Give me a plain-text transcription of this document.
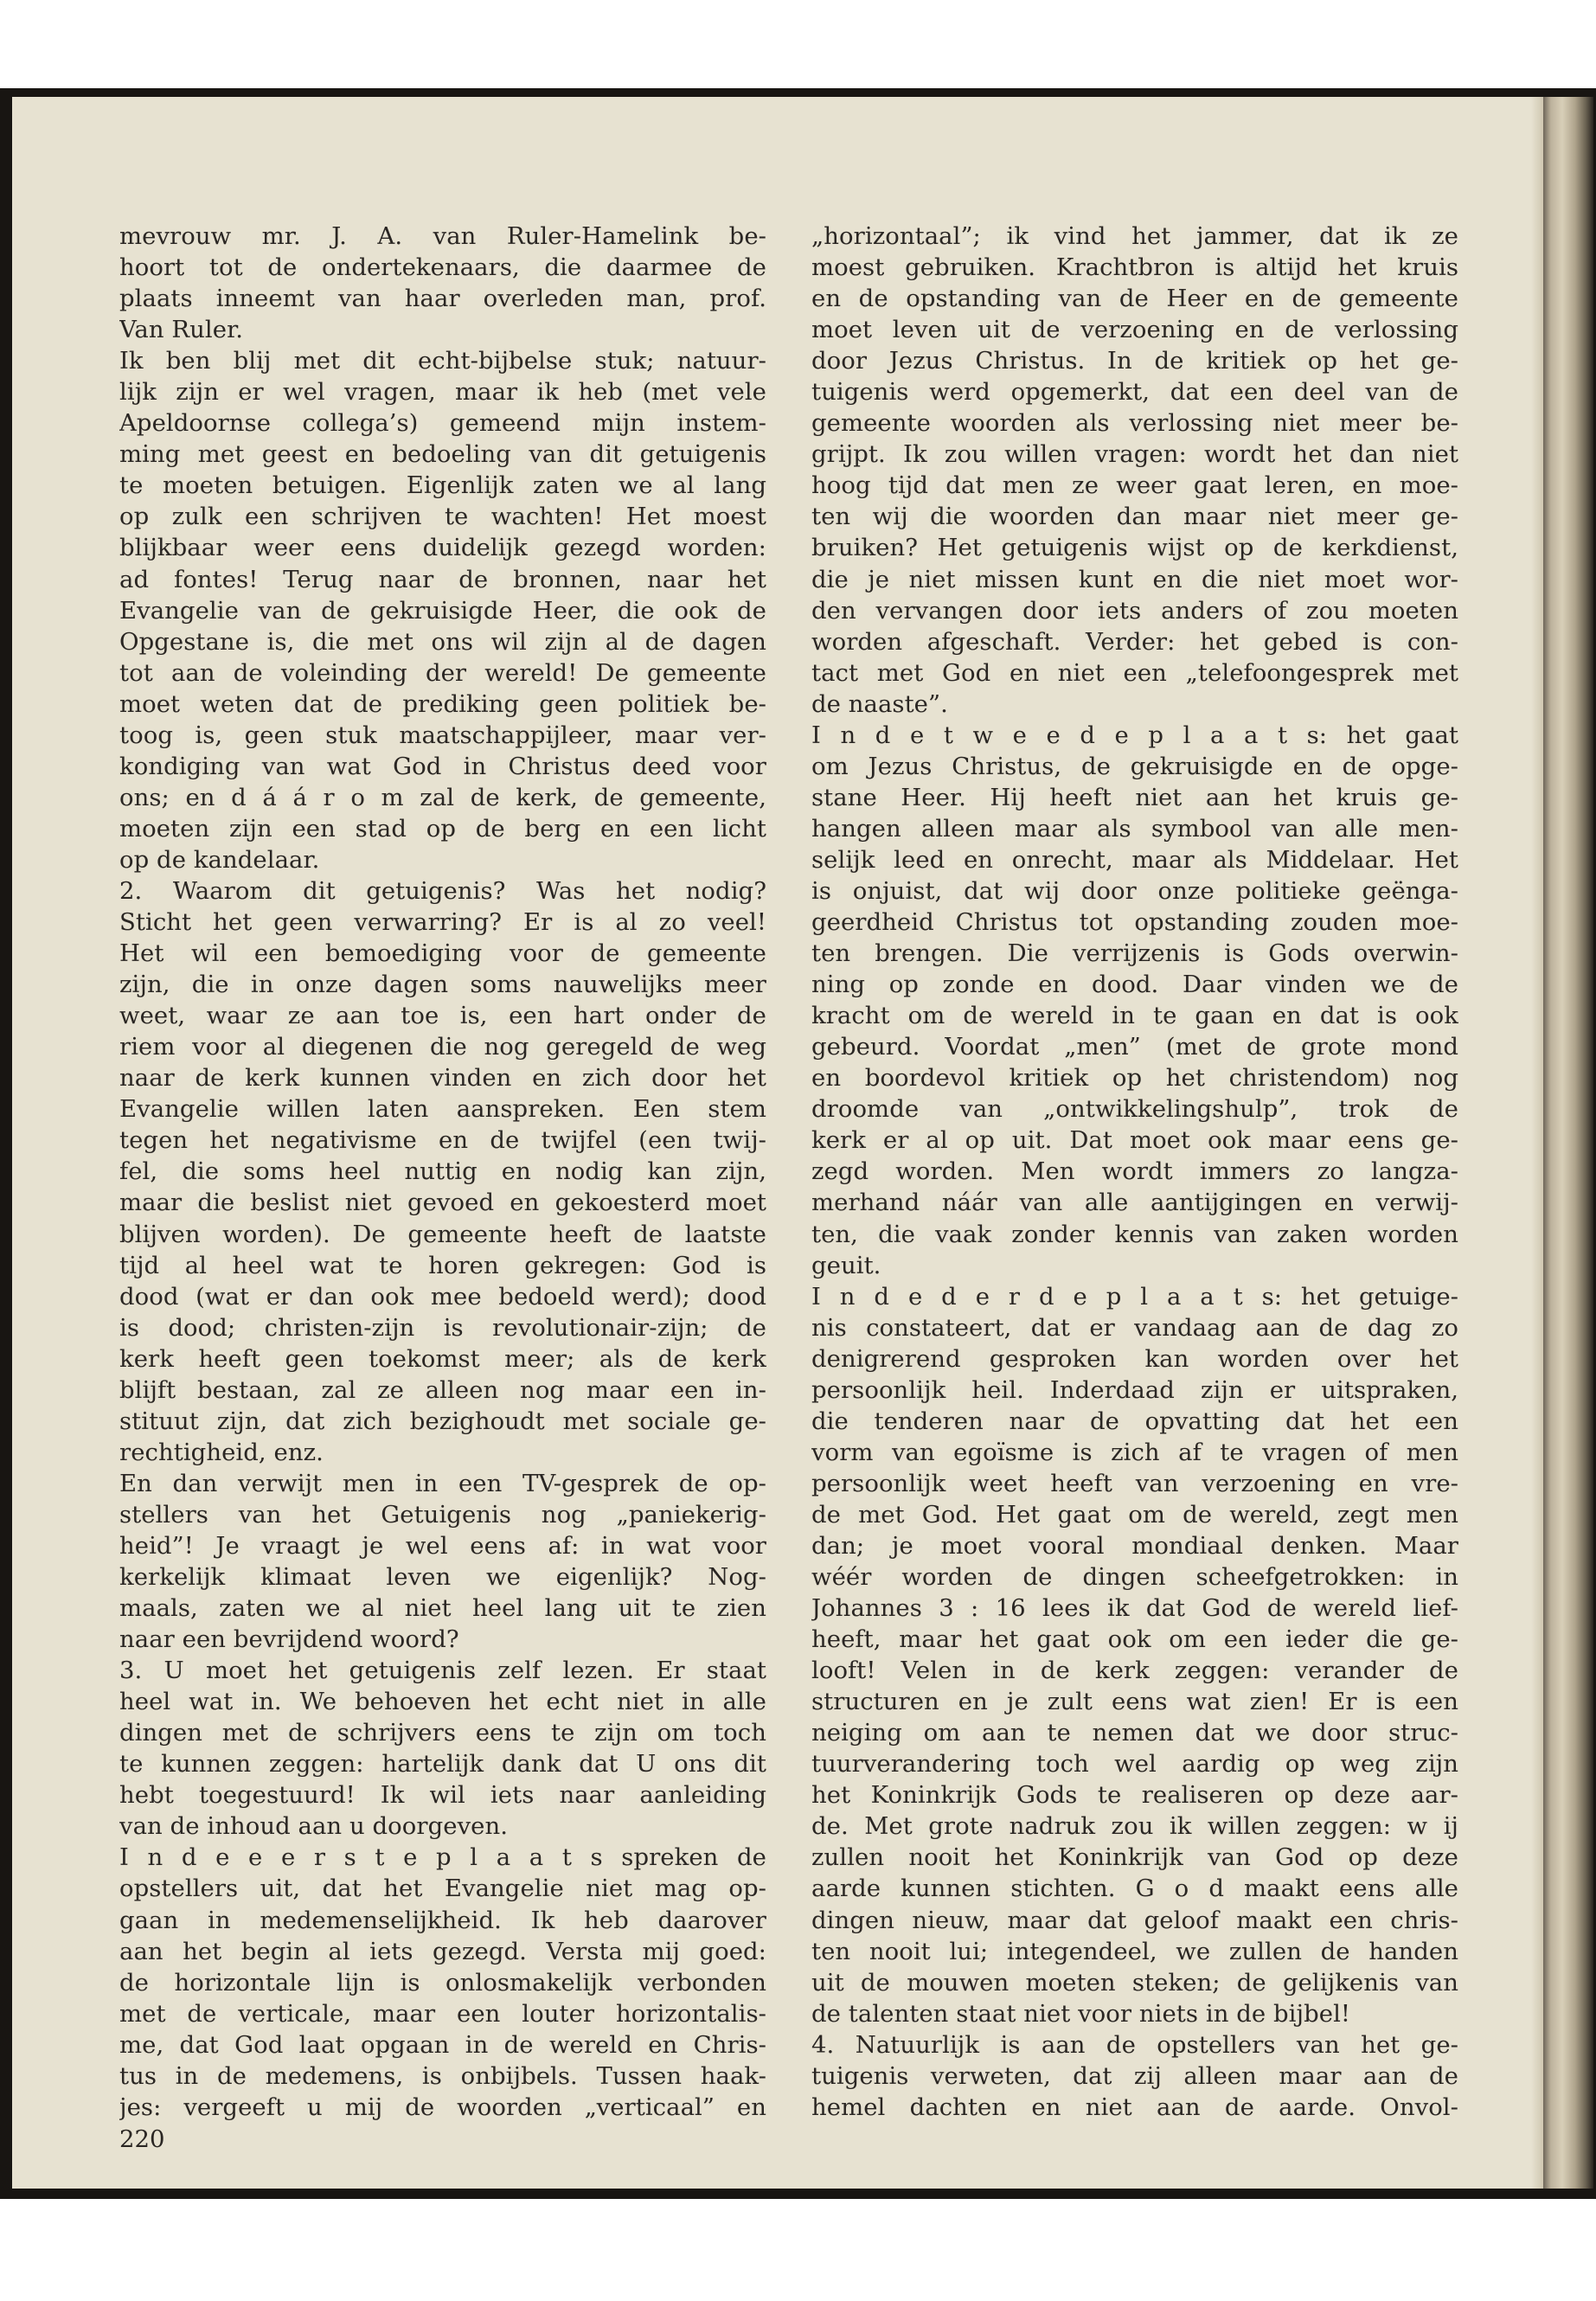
mevrouw mr. J. A. van Ruler-Hamelink be-
hoort tot de ondertekenaars, die daarmee de
plaats inneemt van haar overleden man, prof.
Van Ruler.
Ik ben blij met dit echt-bijbelse stuk; natuur-
lijk zijn er wel vragen, maar ik heb (met vele
Apeldoornse collega’s) gemeend mijn instem-
ming met geest en bedoeling van dit getuigenis
te moeten betuigen. Eigenlijk zaten we al lang
op zulk een schrijven te wachten! Het moest
blijkbaar weer eens duidelijk gezegd worden:
ad fontes! Terug naar de bronnen, naar het
Evangelie van de gekruisigde Heer, die ook de
Opgestane is, die met ons wil zijn al de dagen
tot aan de voleinding der wereld! De gemeente
moet weten dat de prediking geen politiek be-
toog is, geen stuk maatschappijleer, maar ver-
kondiging van wat God in Christus deed voor
ons; en d á á r o m zal de kerk, de gemeente,
moeten zijn een stad op de berg en een licht
op de kandelaar.
2. Waarom dit getuigenis? Was het nodig?
Sticht het geen verwarring? Er is al zo veel!
Het wil een bemoediging voor de gemeente
zijn, die in onze dagen soms nauwelijks meer
weet, waar ze aan toe is, een hart onder de
riem voor al diegenen die nog geregeld de weg
naar de kerk kunnen vinden en zich door het
Evangelie willen laten aanspreken. Een stem
tegen het negativisme en de twijfel (een twij-
fel, die soms heel nuttig en nodig kan zijn,
maar die beslist niet gevoed en gekoesterd moet
blijven worden). De gemeente heeft de laatste
tijd al heel wat te horen gekregen: God is
dood (wat er dan ook mee bedoeld werd); dood
is dood; christen-zijn is revolutionair-zijn; de
kerk heeft geen toekomst meer; als de kerk
blijft bestaan, zal ze alleen nog maar een in-
stituut zijn, dat zich bezighoudt met sociale ge-
rechtigheid, enz.
En dan verwijt men in een TV-gesprek de op-
stellers van het Getuigenis nog „paniekerig-
heid”! Je vraagt je wel eens af: in wat voor
kerkelijk klimaat leven we eigenlijk? Nog-
maals, zaten we al niet heel lang uit te zien
naar een bevrijdend woord?
3. U moet het getuigenis zelf lezen. Er staat
heel wat in. We behoeven het echt niet in alle
dingen met de schrijvers eens te zijn om toch
te kunnen zeggen: hartelijk dank dat U ons dit
hebt toegestuurd! Ik wil iets naar aanleiding
van de inhoud aan u doorgeven.
I n d e e e r s t e p l a a t s spreken de
opstellers uit, dat het Evangelie niet mag op-
gaan in medemenselijkheid. Ik heb daarover
aan het begin al iets gezegd. Versta mij goed:
de horizontale lijn is onlosmakelijk verbonden
met de verticale, maar een louter horizontalis-
me, dat God laat opgaan in de wereld en Chris-
tus in de medemens, is onbijbels. Tussen haak-
jes: vergeeft u mij de woorden „verticaal” en
„horizontaal”; ik vind het jammer, dat ik ze
moest gebruiken. Krachtbron is altijd het kruis
en de opstanding van de Heer en de gemeente
moet leven uit de verzoening en de verlossing
door Jezus Christus. In de kritiek op het ge-
tuigenis werd opgemerkt, dat een deel van de
gemeente woorden als verlossing niet meer be-
grijpt. Ik zou willen vragen: wordt het dan niet
hoog tijd dat men ze weer gaat leren, en moe-
ten wij die woorden dan maar niet meer ge-
bruiken? Het getuigenis wijst op de kerkdienst,
die je niet missen kunt en die niet moet wor-
den vervangen door iets anders of zou moeten
worden afgeschaft. Verder: het gebed is con-
tact met God en niet een „telefoongesprek met
de naaste”.
I n d e t w e e d e p l a a t s: het gaat
om Jezus Christus, de gekruisigde en de opge-
stane Heer. Hij heeft niet aan het kruis ge-
hangen alleen maar als symbool van alle men-
selijk leed en onrecht, maar als Middelaar. Het
is onjuist, dat wij door onze politieke geënga-
geerdheid Christus tot opstanding zouden moe-
ten brengen. Die verrijzenis is Gods overwin-
ning op zonde en dood. Daar vinden we de
kracht om de wereld in te gaan en dat is ook
gebeurd. Voordat „men” (met de grote mond
en boordevol kritiek op het christendom) nog
droomde van „ontwikkelingshulp”, trok de
kerk er al op uit. Dat moet ook maar eens ge-
zegd worden. Men wordt immers zo langza-
merhand náár van alle aantijgingen en verwij-
ten, die vaak zonder kennis van zaken worden
geuit.
I n d e d e r d e p l a a t s: het getuige-
nis constateert, dat er vandaag aan de dag zo
denigrerend gesproken kan worden over het
persoonlijk heil. Inderdaad zijn er uitspraken,
die tenderen naar de opvatting dat het een
vorm van egoïsme is zich af te vragen of men
persoonlijk weet heeft van verzoening en vre-
de met God. Het gaat om de wereld, zegt men
dan; je moet vooral mondiaal denken. Maar
wéér worden de dingen scheefgetrokken: in
Johannes 3 : 16 lees ik dat God de wereld lief-
heeft, maar het gaat ook om een ieder die ge-
looft! Velen in de kerk zeggen: verander de
structuren en je zult eens wat zien! Er is een
neiging om aan te nemen dat we door struc-
tuurverandering toch wel aardig op weg zijn
het Koninkrijk Gods te realiseren op deze aar-
de. Met grote nadruk zou ik willen zeggen: w ij
zullen nooit het Koninkrijk van God op deze
aarde kunnen stichten. G o d maakt eens alle
dingen nieuw, maar dat geloof maakt een chris-
ten nooit lui; integendeel, we zullen de handen
uit de mouwen moeten steken; de gelijkenis van
de talenten staat niet voor niets in de bijbel!
4. Natuurlijk is aan de opstellers van het ge-
tuigenis verweten, dat zij alleen maar aan de
hemel dachten en niet aan de aarde. Onvol-
220
